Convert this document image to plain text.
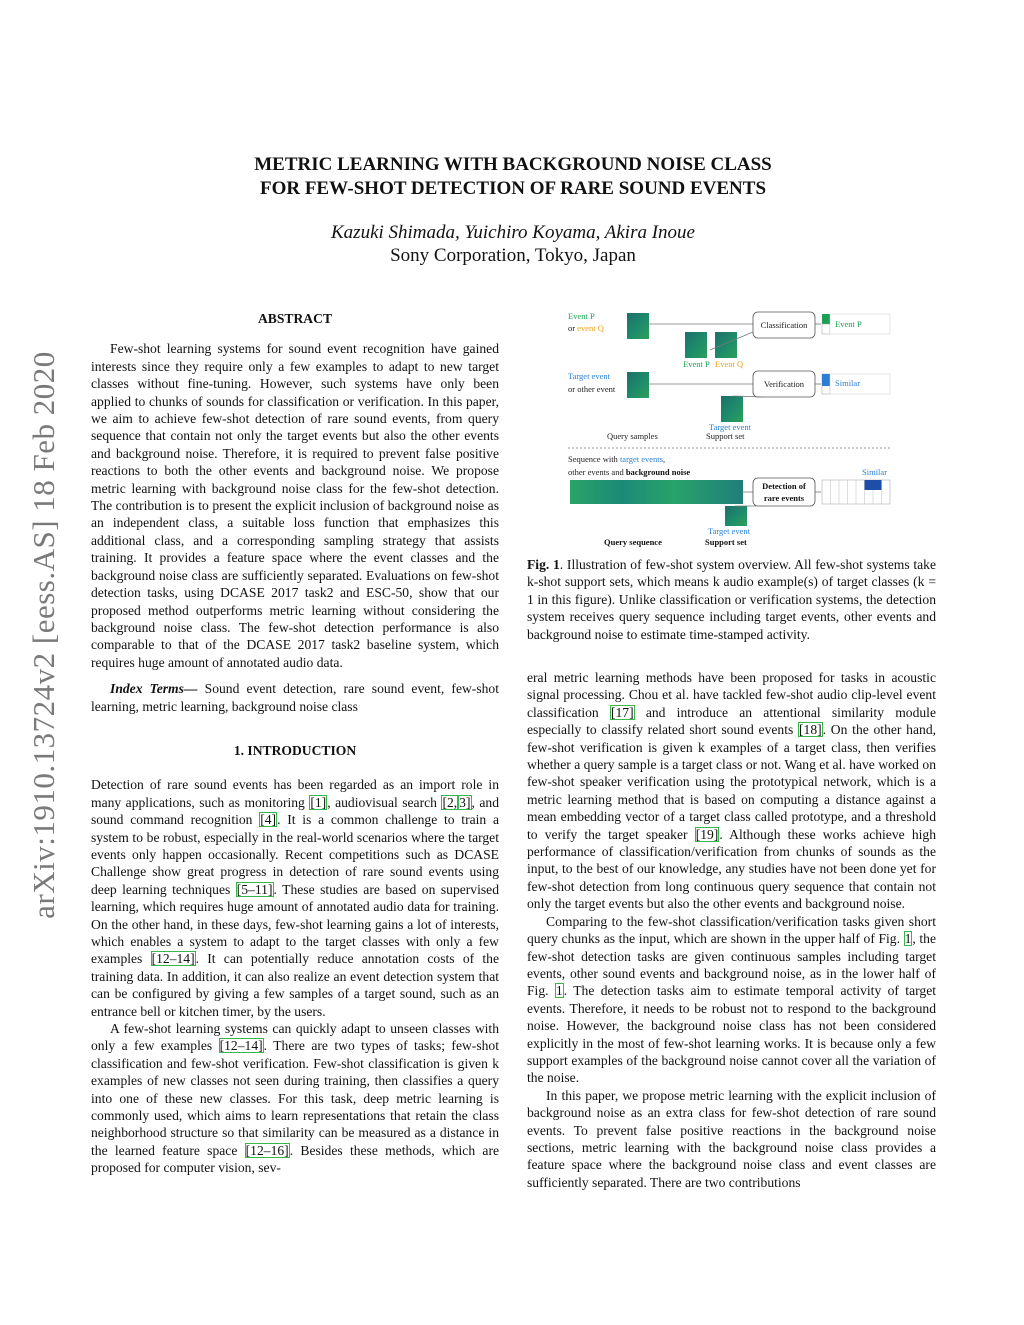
arXiv:1910.13724v2 [eess.AS] 18 Feb 2020
METRIC LEARNING WITH BACKGROUND NOISE CLASS
FOR FEW-SHOT DETECTION OF RARE SOUND EVENTS
Kazuki Shimada, Yuichiro Koyama, Akira Inoue
Sony Corporation, Tokyo, Japan
ABSTRACT

Few-shot learning systems for sound event recognition have gained interests since they require only a few examples to adapt to new target classes without fine-tuning. However, such systems have only been applied to chunks of sounds for classification or verification. In this paper, we aim to achieve few-shot detection of rare sound events, from query sequence that contain not only the target events but also the other events and background noise. Therefore, it is required to prevent false positive reactions to both the other events and background noise. We propose metric learning with background noise class for the few-shot detection. The contribution is to present the explicit inclusion of background noise as an independent class, a suitable loss function that emphasizes this additional class, and a corresponding sampling strategy that assists training. It provides a feature space where the event classes and the background noise class are sufficiently separated. Evaluations on few-shot detection tasks, using DCASE 2017 task2 and ESC-50, show that our proposed method outperforms metric learning without considering the background noise class. The few-shot detection performance is also comparable to that of the DCASE 2017 task2 baseline system, which requires huge amount of annotated audio data.

Index Terms— Sound event detection, rare sound event, few-shot learning, metric learning, background noise class

1. INTRODUCTION

Detection of rare sound events has been regarded as an import role in many applications, such as monitoring [1], audiovisual search [2, 3], and sound command recognition [4]. It is a common challenge to train a system to be robust, especially in the real-world scenarios where the target events only happen occasionally. Recent competitions such as DCASE Challenge show great progress in detection of rare sound events using deep learning techniques [5–11]. These studies are based on supervised learning, which requires huge amount of annotated audio data for training. On the other hand, in these days, few-shot learning gains a lot of interests, which enables a system to adapt to the target classes with only a few examples [12–14]. It can potentially reduce annotation costs of the training data. In addition, it can also realize an event detection system that can be configured by giving a few samples of a target sound, such as an entrance bell or kitchen timer, by the users.

A few-shot learning systems can quickly adapt to unseen classes with only a few examples [12–14]. There are two types of tasks; few-shot classification and few-shot verification. Few-shot classification is given k examples of new classes not seen during training, then classifies a query into one of these new classes. For this task, deep metric learning is commonly used, which aims to learn representations that retain the class neighborhood structure so that similarity can be measured as a distance in the learned feature space [12–16]. Besides these methods, which are proposed for computer vision, sev-

Event P
or event Q	Classification	Event P
Event P Event Q
Target event
or other event	Verification	Similar
Target event
Query samples	Support set
Sequence with target events,
other events and background noise
Detection of
rare events
Similar
Target event
Query sequence	Support set
Fig. 1. Illustration of few-shot system overview. All few-shot systems take k-shot support sets, which means k audio example(s) of target classes (k = 1 in this figure). Unlike classification or verification systems, the detection system receives query sequence including target events, other events and background noise to estimate time-stamped activity.

eral metric learning methods have been proposed for tasks in acoustic signal processing. Chou et al. have tackled few-shot audio clip-level event classification [17] and introduce an attentional similarity module especially to classify related short sound events [18]. On the other hand, few-shot verification is given k examples of a target class, then verifies whether a query sample is a target class or not. Wang et al. have worked on few-shot speaker verification using the prototypical network, which is a metric learning method that is based on computing a distance against a mean embedding vector of a target class called prototype, and a threshold to verify the target speaker [19]. Although these works achieve high performance of classification/verification from chunks of sounds as the input, to the best of our knowledge, any studies have not been done yet for few-shot detection from long continuous query sequence that contain not only the target events but also the other events and background noise.

Comparing to the few-shot classification/verification tasks given short query chunks as the input, which are shown in the upper half of Fig. 1, the few-shot detection tasks are given continuous samples including target events, other sound events and background noise, as in the lower half of Fig. 1. The detection tasks aim to estimate temporal activity of target events. Therefore, it needs to be robust not to respond to the background noise. However, the background noise class has not been considered explicitly in the most of few-shot learning works. It is because only a few support examples of the background noise cannot cover all the variation of the noise.

In this paper, we propose metric learning with the explicit inclusion of background noise as an extra class for few-shot detection of rare sound events. To prevent false positive reactions in the background noise sections, metric learning with the background noise class provides a feature space where the background noise class and event classes are sufficiently separated. There are two contributions
